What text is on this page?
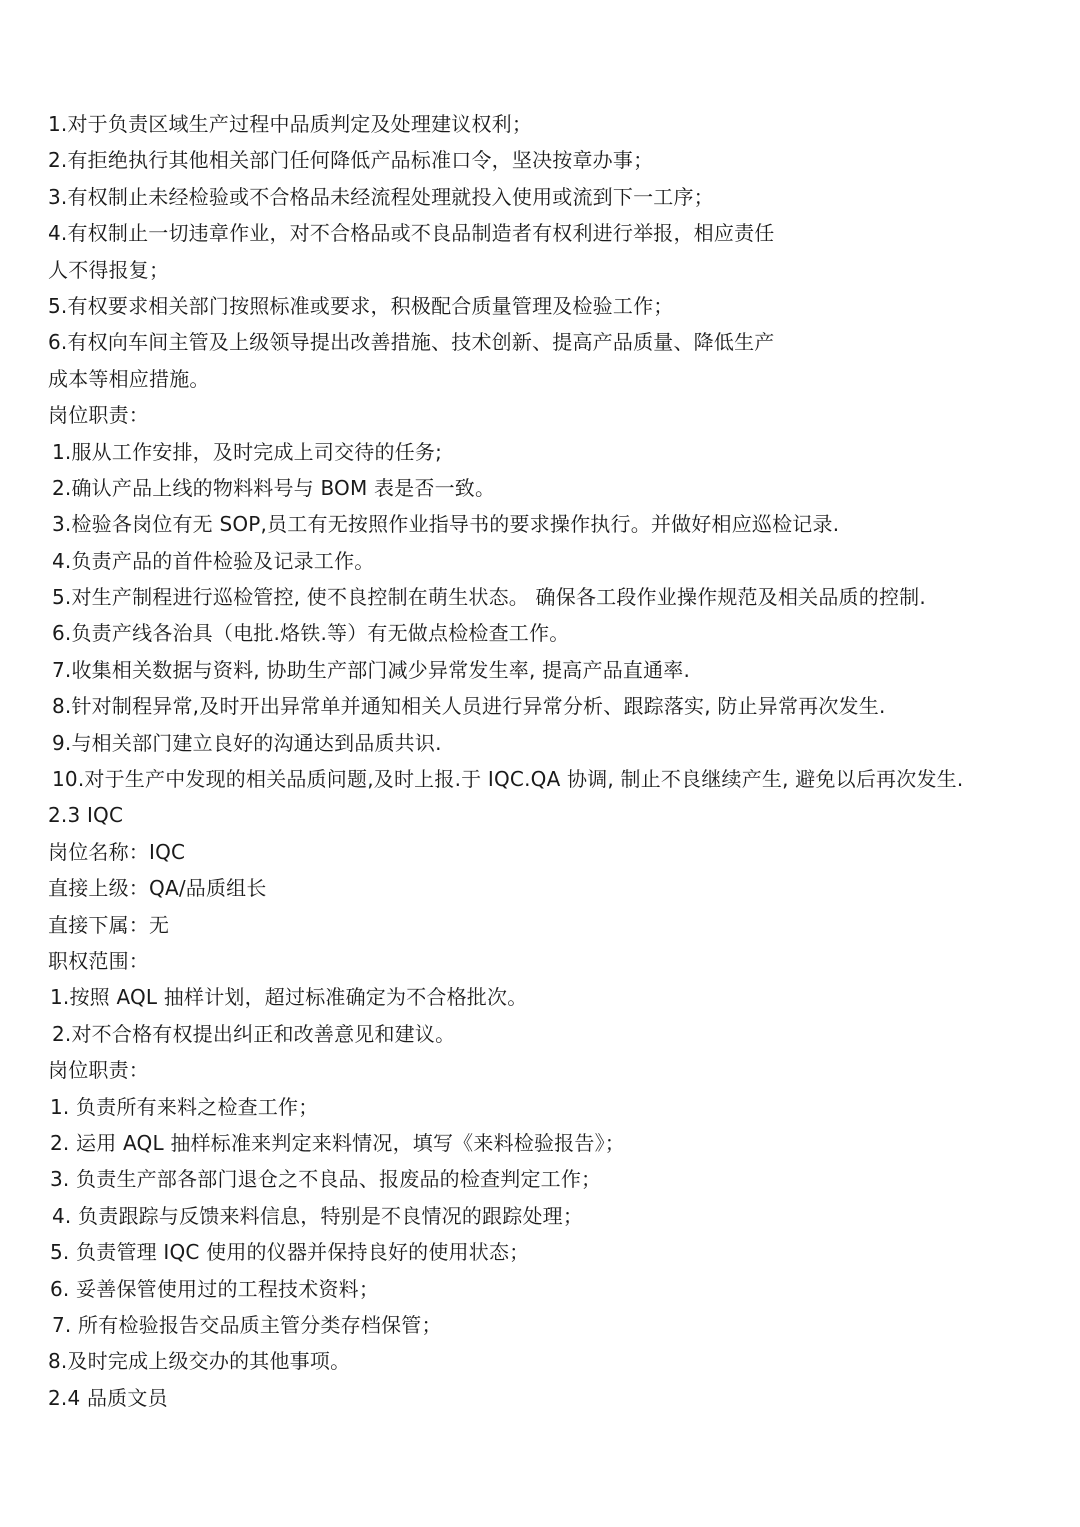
1.对于负责区域生产过程中品质判定及处理建议权利；
2.有拒绝执行其他相关部门任何降低产品标准口令，坚决按章办事；
3.有权制止未经检验或不合格品未经流程处理就投入使用或流到下一工序；
4.有权制止一切违章作业，对不合格品或不良品制造者有权利进行举报，相应责任
人不得报复；
5.有权要求相关部门按照标准或要求，积极配合质量管理及检验工作；
6.有权向车间主管及上级领导提出改善措施、技术创新、提高产品质量、降低生产
成本等相应措施。
岗位职责：
1.服从工作安排，及时完成上司交待的任务;
2.确认产品上线的物料料号与 BOM 表是否一致。
3.检验各岗位有无 SOP,员工有无按照作业指导书的要求操作执行。并做好相应巡检记录.
4.负责产品的首件检验及记录工作。
5.对生产制程进行巡检管控, 使不良控制在萌生状态。 确保各工段作业操作规范及相关品质的控制.
6.负责产线各治具（电批.烙铁.等）有无做点检检查工作。
7.收集相关数据与资料, 协助生产部门减少异常发生率, 提高产品直通率.
8.针对制程异常,及时开出异常单并通知相关人员进行异常分析、跟踪落实, 防止异常再次发生.
9.与相关部门建立良好的沟通达到品质共识.
10.对于生产中发现的相关品质问题,及时上报.于 IQC.QA 协调, 制止不良继续产生, 避免以后再次发生.
2.3 IQC
岗位名称：IQC
直接上级：QA/品质组长
直接下属：无
职权范围：
1.按照 AQL 抽样计划，超过标准确定为不合格批次。
2.对不合格有权提出纠正和改善意见和建议。
岗位职责：
1. 负责所有来料之检查工作；
2. 运用 AQL 抽样标准来判定来料情况，填写《来料检验报告》；
3. 负责生产部各部门退仓之不良品、报废品的检查判定工作；
4. 负责跟踪与反馈来料信息，特别是不良情况的跟踪处理；
5. 负责管理 IQC 使用的仪器并保持良好的使用状态；
6. 妥善保管使用过的工程技术资料；
7. 所有检验报告交品质主管分类存档保管；
8.及时完成上级交办的其他事项。
2.4 品质文员
